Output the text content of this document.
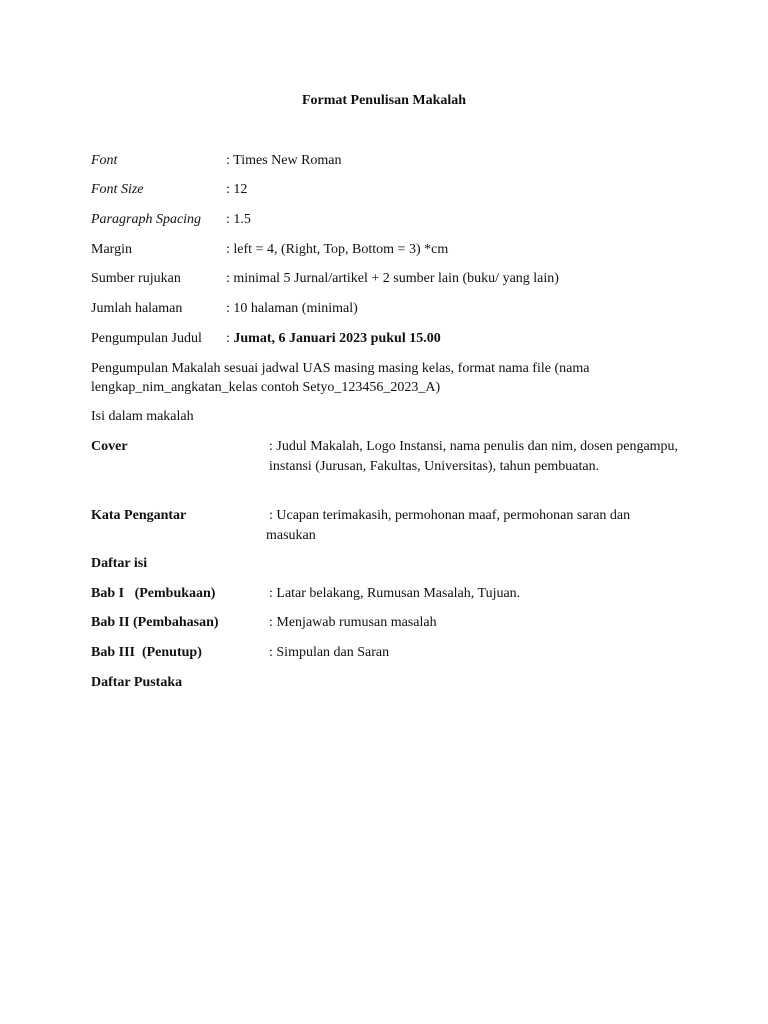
Format Penulisan Makalah
Font	: Times New Roman
Font Size	: 12
Paragraph Spacing : 1.5
Margin	: left = 4, (Right, Top, Bottom = 3) *cm
Sumber rujukan	: minimal 5 Jurnal/artikel + 2 sumber lain (buku/ yang lain)
Jumlah halaman	: 10 halaman (minimal)
Pengumpulan Judul : Jumat, 6 Januari 2023 pukul 15.00
Pengumpulan Makalah sesuai jadwal UAS masing masing kelas, format nama file (nama lengkap_nim_angkatan_kelas contoh Setyo_123456_2023_A)
Isi dalam makalah
Cover	: Judul Makalah, Logo Instansi, nama penulis dan nim, dosen pengampu, instansi (Jurusan, Fakultas, Universitas), tahun pembuatan.
Kata Pengantar	: Ucapan terimakasih, permohonan maaf, permohonan saran dan masukan
Daftar isi
Bab I   (Pembukaan)	: Latar belakang, Rumusan Masalah, Tujuan.
Bab II (Pembahasan)	: Menjawab rumusan masalah
Bab III  (Penutup)	: Simpulan dan Saran
Daftar Pustaka
